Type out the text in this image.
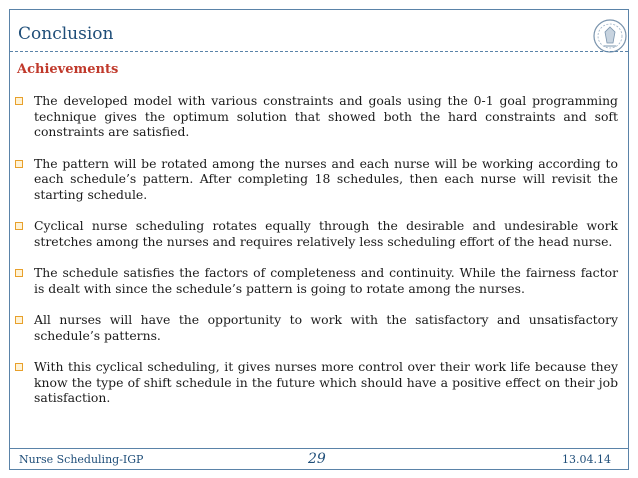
Conclusion
Achievements
The developed model with various constraints and goals using the 0-1 goal programming technique gives the optimum solution that showed both the hard constraints and soft constraints are satisfied.
The pattern will be rotated among the nurses and each nurse will be working according to each schedule’s pattern. After completing 18 schedules, then each nurse will revisit the starting schedule.
Cyclical nurse scheduling rotates equally through the desirable and undesirable work stretches among the nurses and requires relatively less scheduling effort of the head nurse.
The schedule satisfies the factors of completeness and continuity. While the fairness factor is dealt with since the schedule’s pattern is going to rotate among the nurses.
All nurses will have the opportunity to work with the satisfactory and unsatisfactory schedule’s patterns.
With this cyclical scheduling, it gives nurses more control over their work life because they know the type of shift schedule in the future which should have a positive effect on their job satisfaction.
Nurse Scheduling-IGP	29	13.04.14
